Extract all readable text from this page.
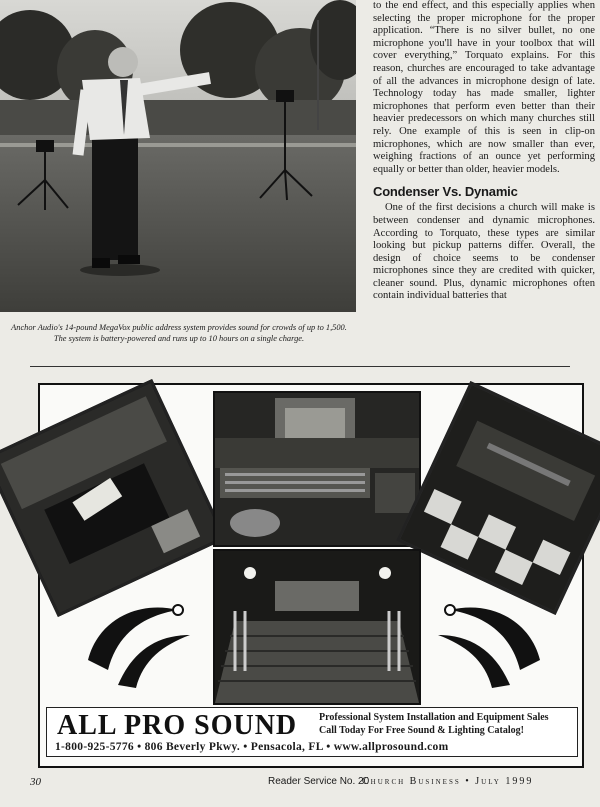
Anchor Audio's 14-pound MegaVox public address system provides sound for crowds of up to 1,500. The system is battery-powered and runs up to 10 hours on a single charge.

to the end effect, and this especially applies when selecting the proper microphone for the proper application. “There is no silver bullet, no one microphone you'll have in your toolbox that will cover everything,” Torquato explains. For this reason, churches are encouraged to take advantage of all the advances in microphone design of late. Technology today has made smaller, lighter microphones that perform even better than their heavier predecessors on which many churches still rely. One example of this is seen in clip-on microphones, which are now smaller than ever, weighing fractions of an ounce yet performing equally or better than older, heavier models.

Condenser Vs. Dynamic

One of the first decisions a church will make is between condenser and dynamic microphones. According to Torquato, these types are similar looking but pickup patterns differ. Overall, the design of choice seems to be condenser microphones since they are credited with quicker, cleaner sound. Plus, dynamic microphones often contain individual batteries that

ALL PRO SOUND Professional System Installation and Equipment Sales
Call Today For Free Sound & Lighting Catalog!
1-800-925-5776 • 806 Beverly Pkwy. • Pensacola, FL • www.allprosound.com
30	Reader Service No. 20
Church Business • July 1999
